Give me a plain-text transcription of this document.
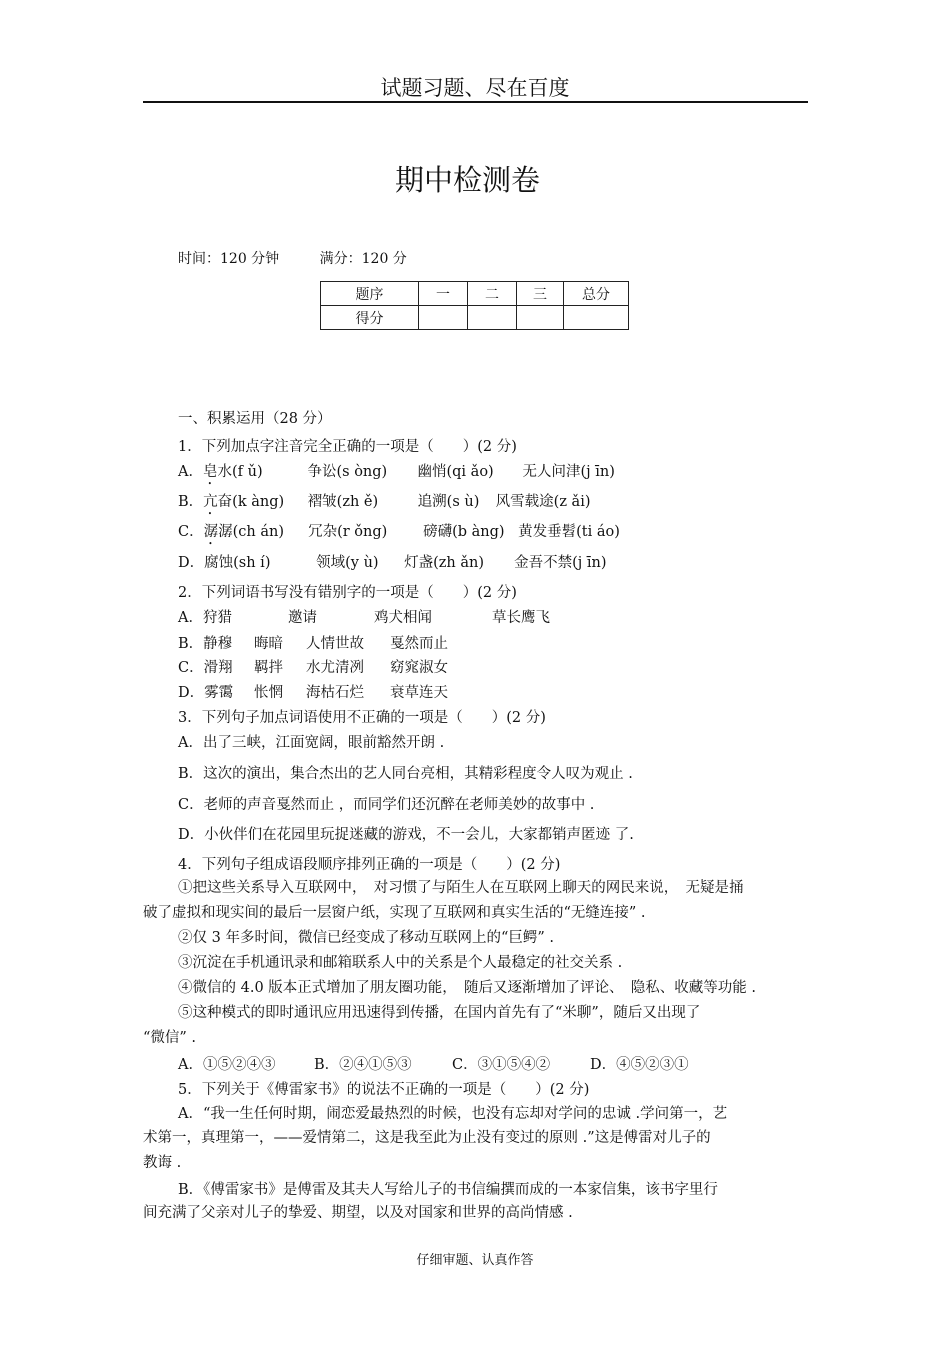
试题习题、尽在百度
期中检测卷
时间：120 分钟	满分：120 分
题序	一	二	三	总分
得分				
一、积累运用（28 分）
1．下列加点字注音完全正确的一项是（　　）(2 分)
A．皂水(f ǔ)	争讼(s òng) 幽悄(qi ǎo) 无人问津(j īn)
B．亢奋(k àng) 褶皱(zh ě)	追溯(s ù) 风雪载途(z ǎi)
C．潺潺(ch án) 冗杂(r ǒng) 磅礴(b àng) 黄发垂髫(ti áo)
D．腐蚀(sh í)	领域(y ù) 灯盏(zh ǎn) 金吾不禁(j īn)
2．下列词语书写没有错别字的一项是（　　）(2 分)
A．狩猎	邀请	鸡犬相闻	草长鹰飞
B．静穆 晦暗 人情世故 戛然而止
C．滑翔 羁拌 水尤清冽 窈窕淑女
D．雾霭 怅惘 海枯石烂 衰草连天
3．下列句子加点词语使用不正确的一项是（　　）(2 分)
A．出了三峡，江面宽阔，眼前豁然开朗 .
B．这次的演出，集合杰出的艺人同台亮相，其精彩程度令人叹为观止 .
C．老师的声音戛然而止 ，而同学们还沉醉在老师美妙的故事中 .
D．小伙伴们在花园里玩捉迷藏的游戏，不一会儿，大家都销声匿迹 了.
4．下列句子组成语段顺序排列正确的一项是（　　）(2 分)
①把这些关系导入互联网中，　对习惯了与陌生人在互联网上聊天的网民来说，　无疑是捅
破了虚拟和现实间的最后一层窗户纸，实现了互联网和真实生活的“无缝连接” .
②仅 3 年多时间，微信已经变成了移动互联网上的“巨鳄” .
③沉淀在手机通讯录和邮箱联系人中的关系是个人最稳定的社交关系 .
④微信的 4.0 版本正式增加了朋友圈功能，　随后又逐渐增加了评论、　隐私、收藏等功能 .
⑤这种模式的即时通讯应用迅速得到传播，在国内首先有了“米聊”，随后又出现了
“微信” .
A．①⑤②④③	B．②④①⑤③	C．③①⑤④②	D．④⑤②③①
5．下列关于《傅雷家书》的说法不正确的一项是（　　）(2 分)
A．“我一生任何时期，闹恋爱最热烈的时候，也没有忘却对学问的忠诚 .学问第一，艺
术第一，真理第一，——爱情第二，这是我至此为止没有变过的原则 .”这是傅雷对儿子的
教诲 .
B．《傅雷家书》是傅雷及其夫人写给儿子的书信编撰而成的一本家信集，该书字里行
间充满了父亲对儿子的挚爱、期望，以及对国家和世界的高尚情感 .
仔细审题、认真作答
